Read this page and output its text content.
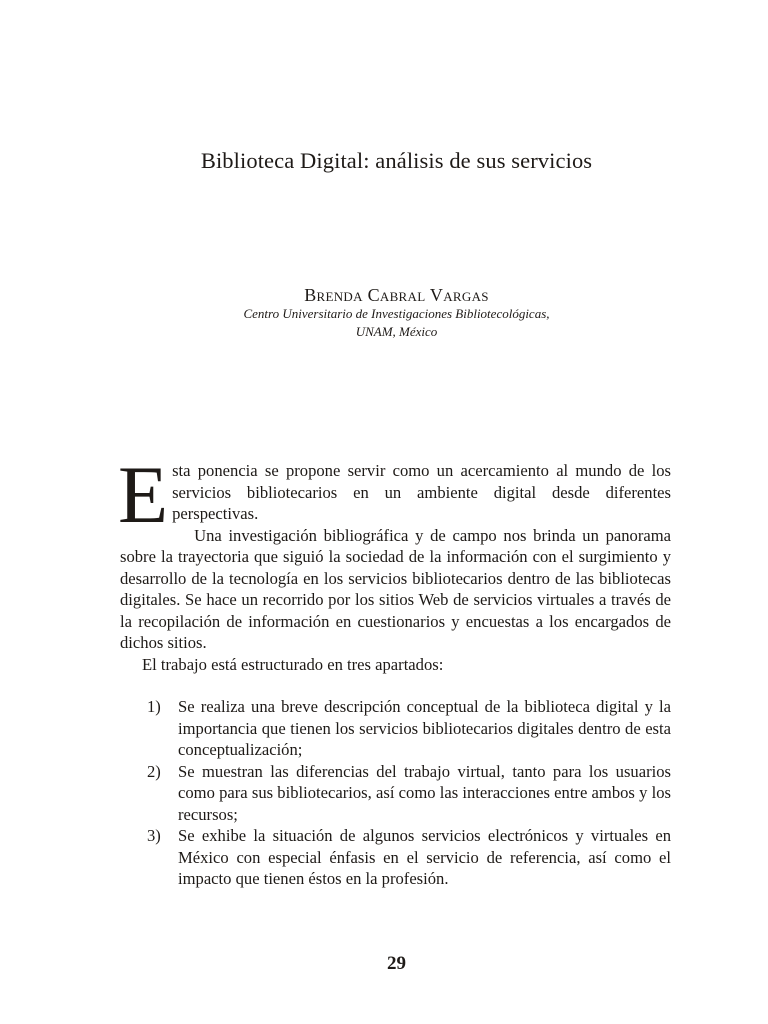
Biblioteca Digital: análisis de sus servicios
Brenda Cabral Vargas
Centro Universitario de Investigaciones Bibliotecológicas,
UNAM, México

Esta ponencia se propone servir como un acercamiento al mundo de los servicios bibliotecarios en un ambiente digital desde diferentes perspectivas.

Una investigación bibliográfica y de campo nos brinda un panorama sobre la trayectoria que siguió la sociedad de la información con el surgimiento y desarrollo de la tecnología en los servicios bibliotecarios dentro de las bibliotecas digitales. Se hace un recorrido por los sitios Web de servicios virtuales a través de la recopilación de información en cuestionarios y encuestas a los encargados de dichos sitios.

El trabajo está estructurado en tres apartados:

1) Se realiza una breve descripción conceptual de la biblioteca digital y la importancia que tienen los servicios bibliotecarios digitales dentro de esta conceptualización;
2) Se muestran las diferencias del trabajo virtual, tanto para los usuarios como para sus bibliotecarios, así como las interacciones entre ambos y los recursos;
3) Se exhibe la situación de algunos servicios electrónicos y virtuales en México con especial énfasis en el servicio de referencia, así como el impacto que tienen éstos en la profesión.
29
